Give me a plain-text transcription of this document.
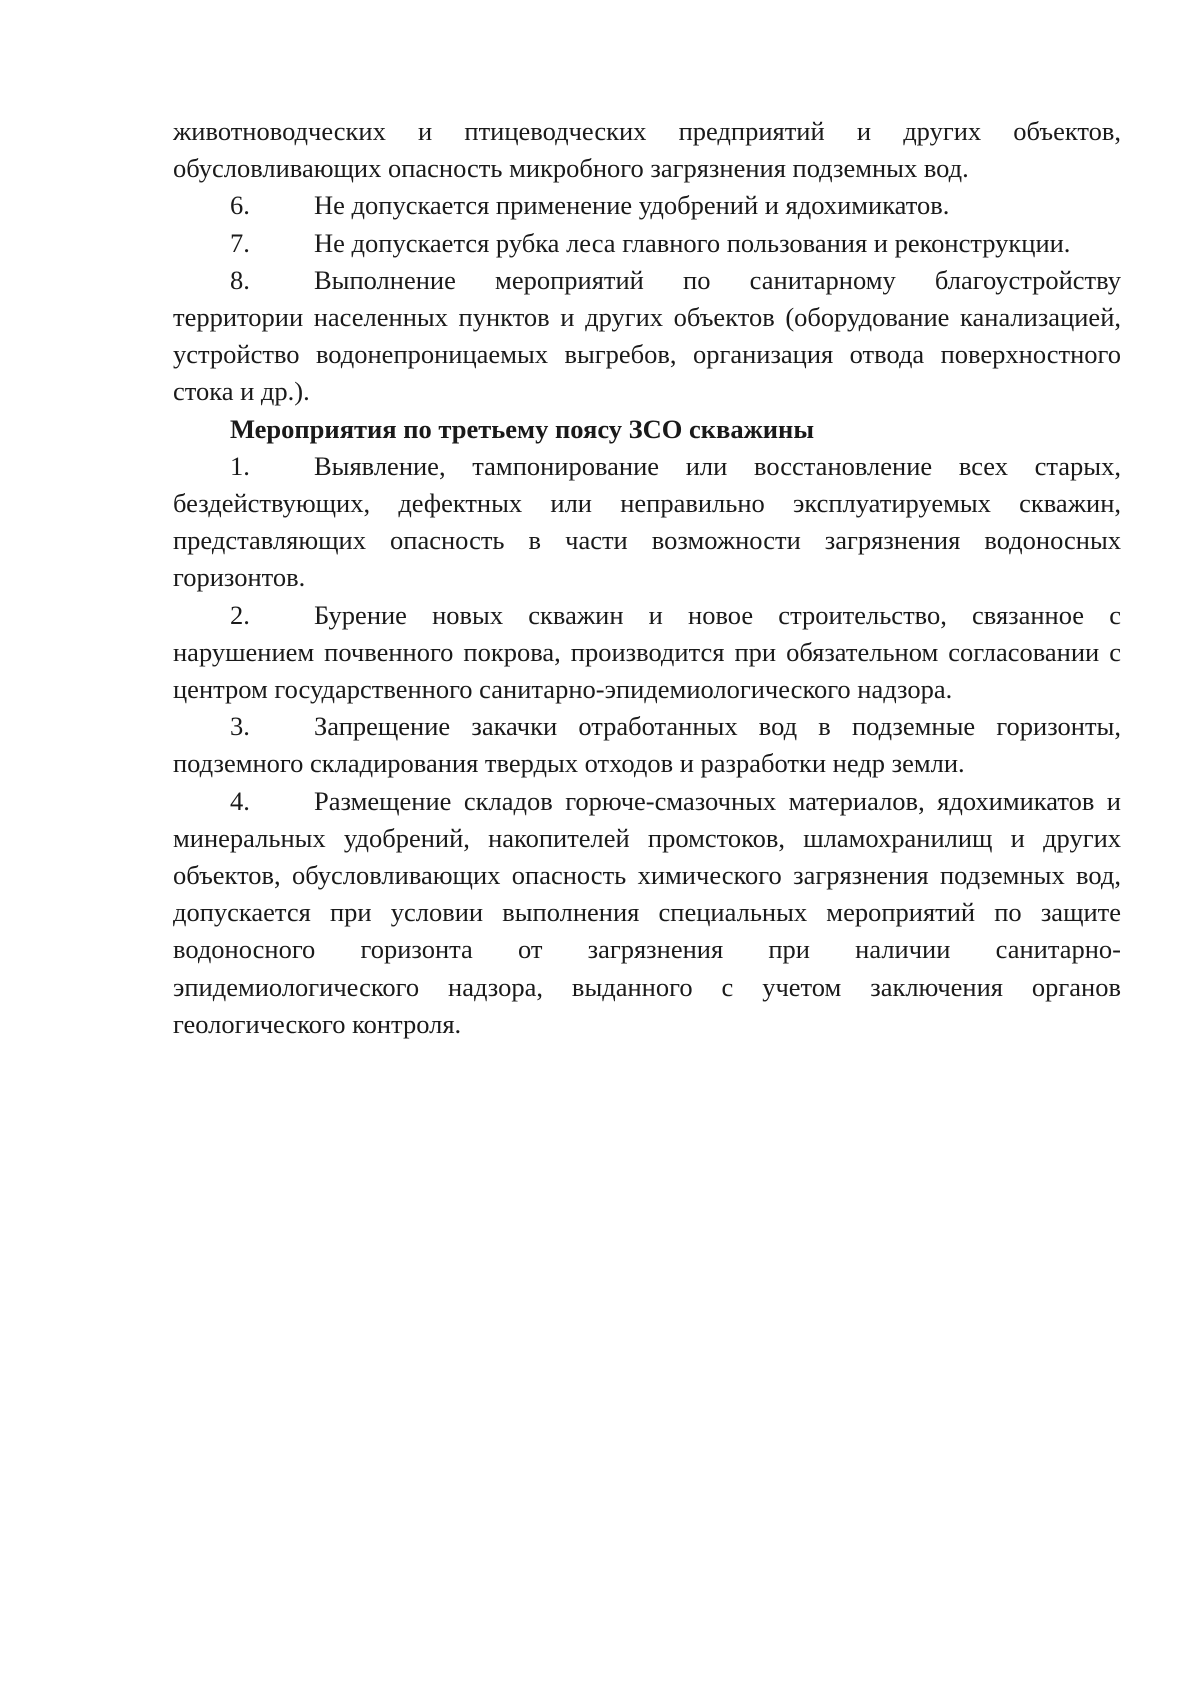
животноводческих и птицеводческих предприятий и других объектов, обусловливающих опасность микробного загрязнения подземных вод.

6. Не допускается применение удобрений и ядохимикатов.

7. Не допускается рубка леса главного пользования и реконструкции.

8. Выполнение мероприятий по санитарному благоустройству территории населенных пунктов и других объектов (оборудование канализацией, устройство водонепроницаемых выгребов, организация отвода поверхностного стока и др.).

Мероприятия по третьему поясу ЗСО скважины

1. Выявление, тампонирование или восстановление всех старых, бездействующих, дефектных или неправильно эксплуатируемых скважин, представляющих опасность в части возможности загрязнения водоносных горизонтов.

2. Бурение новых скважин и новое строительство, связанное с нарушением почвенного покрова, производится при обязательном согласовании с центром государственного санитарно-эпидемиологического надзора.

3. Запрещение закачки отработанных вод в подземные горизонты, подземного складирования твердых отходов и разработки недр земли.

4. Размещение складов горюче-смазочных материалов, ядохимикатов и минеральных удобрений, накопителей промстоков, шламохранилищ и других объектов, обусловливающих опасность химического загрязнения подземных вод, допускается при условии выполнения специальных мероприятий по защите водоносного горизонта от загрязнения при наличии санитарно-эпидемиологического надзора, выданного с учетом заключения органов геологического контроля.
